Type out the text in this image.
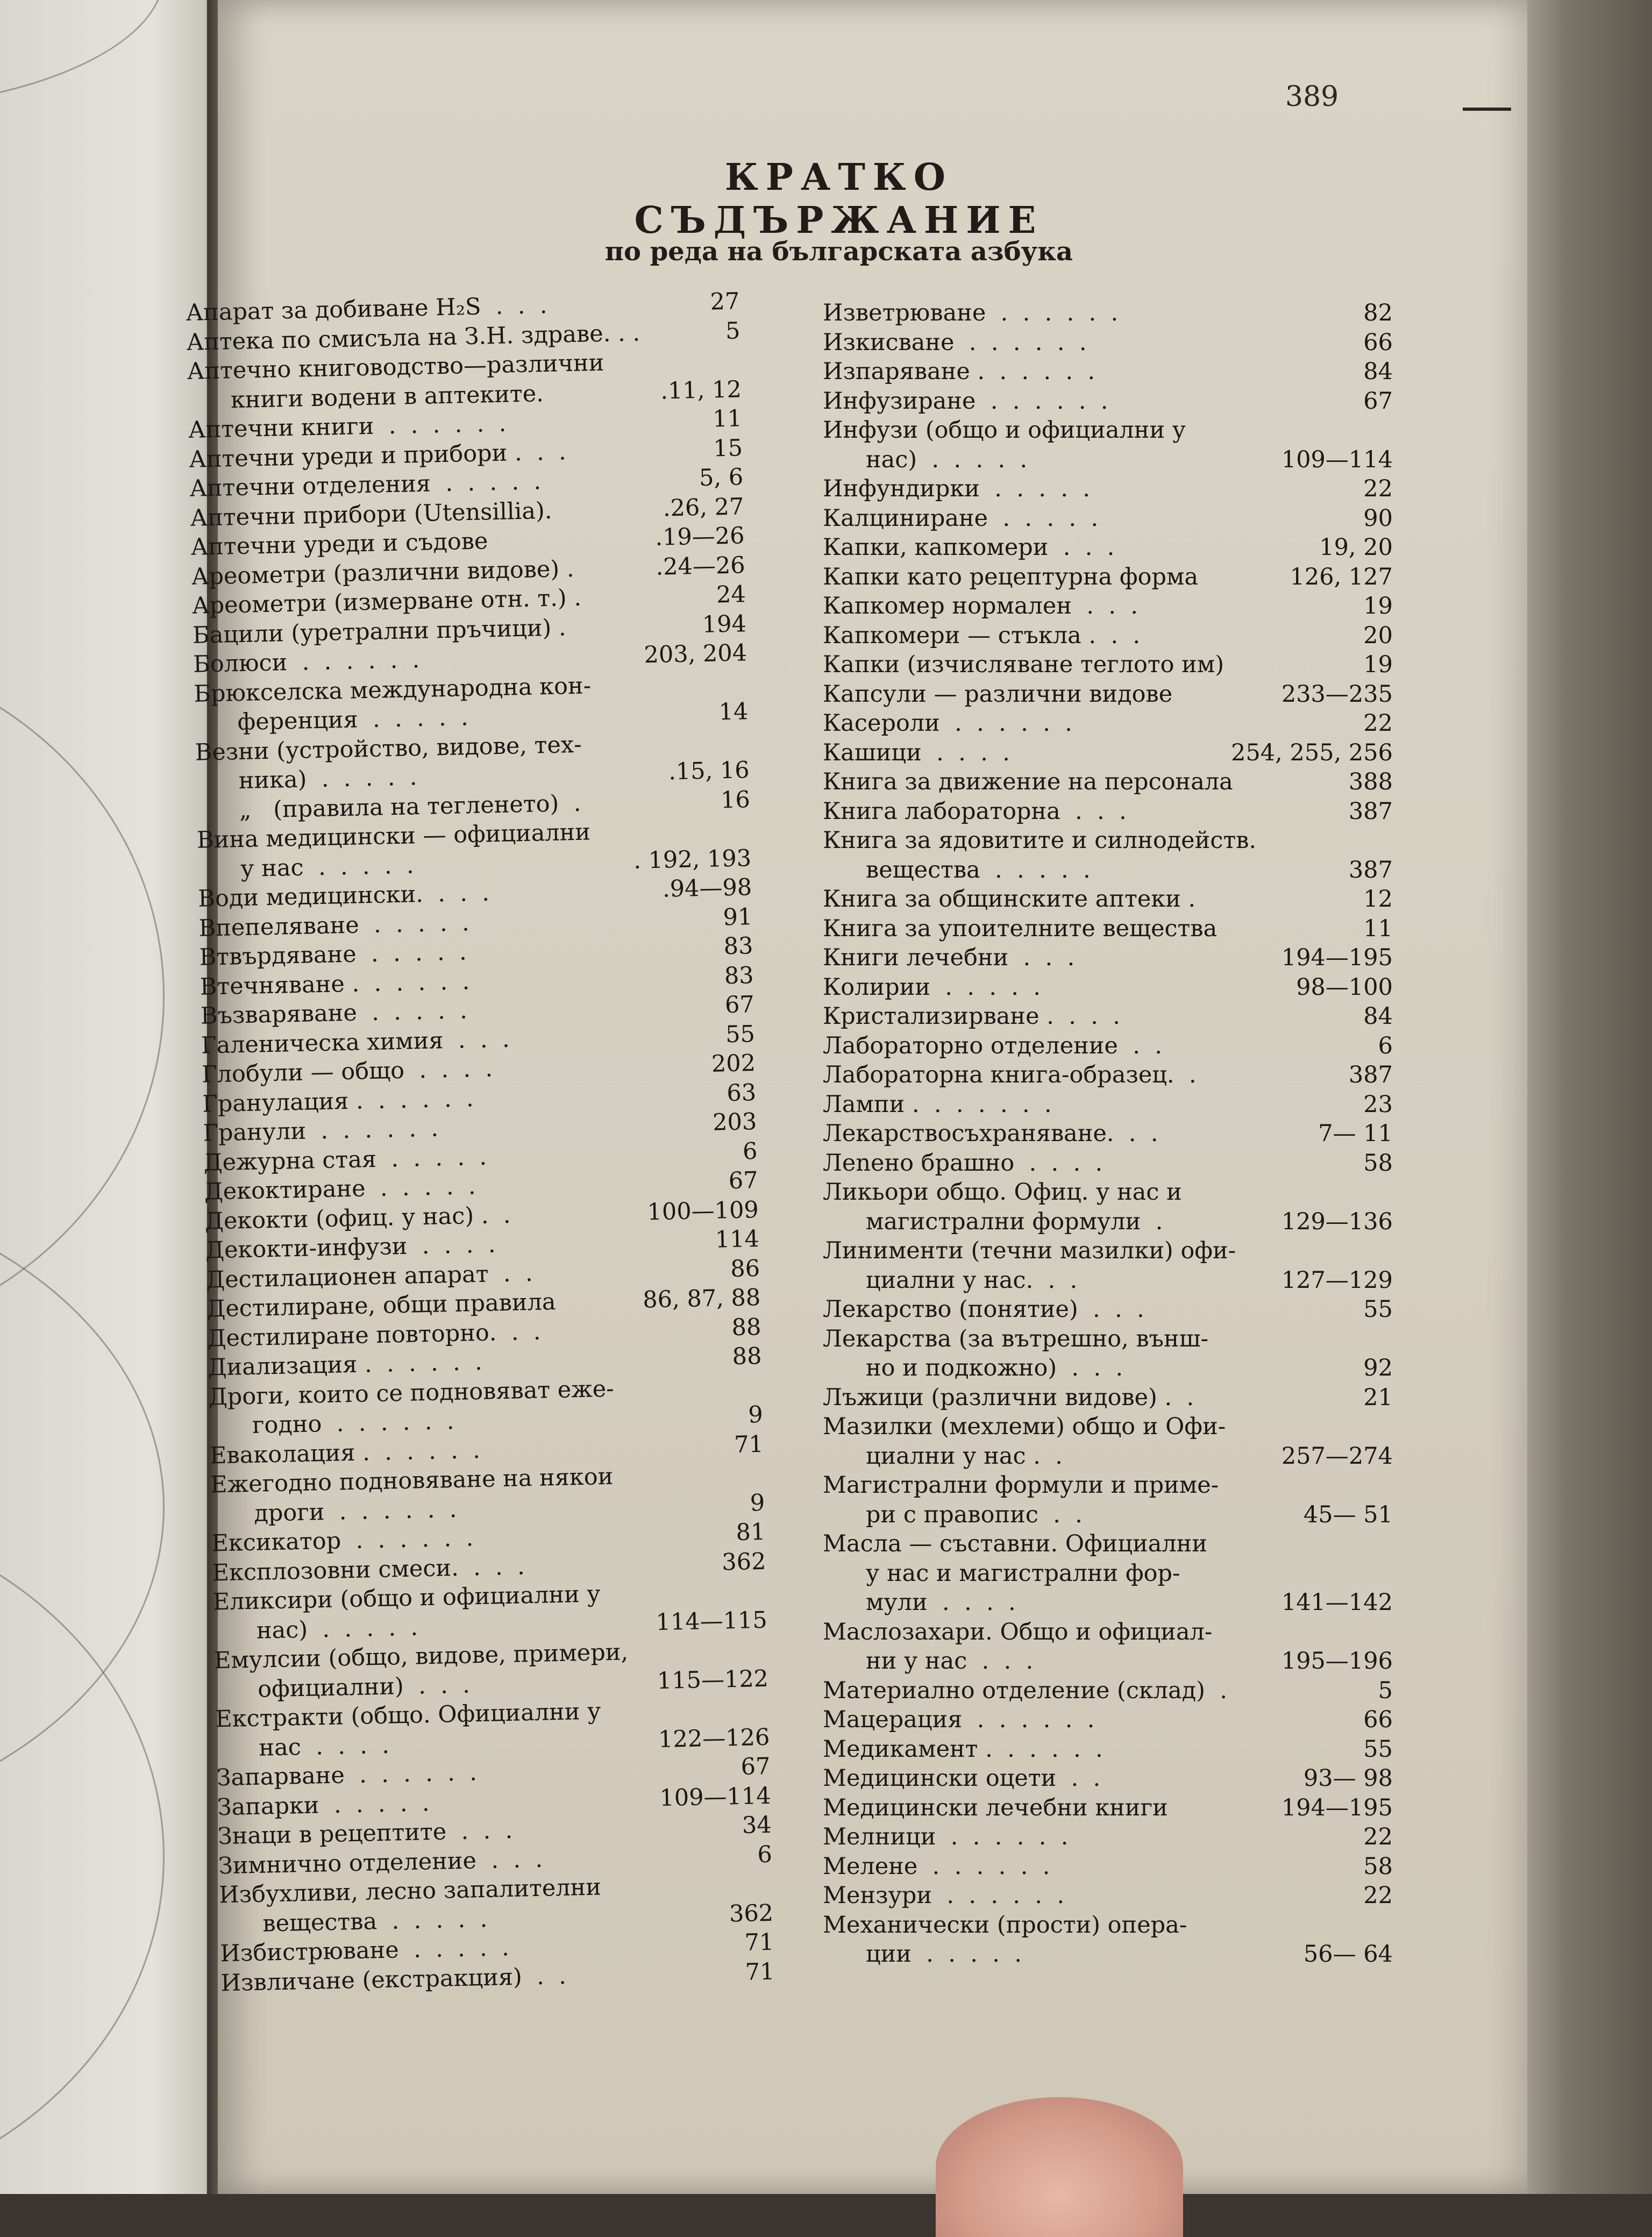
389
КРАТКО СЪДЪРЖАНИЕ
по реда на българската азбука
Апарат за добиване H₂S  .  .  .	27
Аптека по смисъла на З.Н. здраве. . .	5
Аптечно книговодство—различни
книги водени в аптеките.	.11, 12
Аптечни книги  .  .  .  .  .  .	11
Аптечни уреди и прибори .  .  .	15
Аптечни отделения  .  .  .  .  .	5, 6
Аптечни прибори (Utensillia).	.26, 27
Аптечни уреди и съдове	.19—26
Ареометри (различни видове) .	.24—26
Ареометри (измерване отн. т.) .	24
Бацили (уретрални пръчици) .	194
Болюси  .  .  .  .  .  .	203, 204
Брюкселска международна кон-
ференция  .  .  .  .  .	14
Везни (устройство, видове, тех-
ника)  .  .  .  .  .	.15, 16
„   (правила на тегленето)  .	16
Вина медицински — официални
у нас  .  .  .  .  .	. 192, 193
Води медицински.  .  .  .	.94—98
Впепеляване  .  .  .  .  .	91
Втвърдяване  .  .  .  .  .	83
Втечняване .  .  .  .  .  .	83
Възваряване  .  .  .  .  .	67
Галеническа химия  .  .  .	55
Глобули — общо  .  .  .  .	202
Гранулация .  .  .  .  .  .	63
Гранули  .  .  .  .  .  .	203
Дежурна стая  .  .  .  .  .	6
Декоктиране  .  .  .  .  .	67
Декокти (офиц. у нас) .  .	100—109
Декокти-инфузи  .  .  .  .	114
Дестилационен апарат  .  .	86
Дестилиране, общи правила	86, 87, 88
Дестилиране повторно.  .  .	88
Диализация .  .  .  .  .  .	88
Дроги, които се подновяват еже-
годно  .  .  .  .  .  .	9
Еваколация .  .  .  .  .  .	71
Ежегодно подновяване на някои
дроги  .  .  .  .  .  .	9
Ексикатор  .  .  .  .  .  .	81
Експлозовни смеси.  .  .  .	362
Еликсири (общо и официални у
нас)  .  .  .  .  .	114—115
Емулсии (общо, видове, примери,
официални)  .  .  .	115—122
Екстракти (общо. Официални у
нас  .  .  .  .	122—126
Запарване  .  .  .  .  .  .	67
Запарки  .  .  .  .  .	109—114
Знаци в рецептите  .  .  .	34
Зимнично отделение  .  .  .	6
Избухливи, лесно запалителни
вещества  .  .  .  .  .	362
Избистрюване  .  .  .  .  .	71
Извличане (екстракция)  .  .	71
Изветрюване  .  .  .  .  .  .	82
Изкисване  .  .  .  .  .  .	66
Изпаряване .  .  .  .  .  .	84
Инфузиране  .  .  .  .  .  .	67
Инфузи (общо и официални у
нас)  .  .  .  .  .	109—114
Инфундирки  .  .  .  .  .	22
Калциниране  .  .  .  .  .	90
Капки, капкомери  .  .  .	19, 20
Капки като рецептурна форма	126, 127
Капкомер нормален  .  .  .	19
Капкомери — стъкла .  .  .	20
Капки (изчисляване теглото им)	19
Капсули — различни видове	233—235
Касероли  .  .  .  .  .  .	22
Кашици  .  .  .  .	254, 255, 256
Книга за движение на персонала	388
Книга лабораторна  .  .  .	387
Книга за ядовитите и силнодейств.
вещества  .  .  .  .  .	387
Книга за общинските аптеки .	12
Книга за упоителните вещества	11
Книги лечебни  .  .  .	194—195
Колирии  .  .  .  .  .	98—100
Кристализирване .  .  .  .	84
Лабораторно отделение  .  .	6
Лабораторна книга-образец.  .	387
Лампи .  .  .  .  .  .  .	23
Лекарствосъхраняване.  .  .	7— 11
Лenено брашно  .  .  .  .	58
Ликьори общо. Офиц. у нас и
магистрални формули  .	129—136
Линименти (течни мазилки) офи-
циални у нас.  .  .	127—129
Лекарство (понятие)  .  .  .	55
Лекарства (за вътрешно, външ-
но и подкожно)  .  .  .	92
Лъжици (различни видове) .  .	21
Мазилки (мехлеми) общо и Офи-
циални у нас .  .	257—274
Магистрални формули и приме-
ри с правопис  .  .	45— 51
Масла — съставни. Официални
у нас и магистрални фор-
мули  .  .  .  .	141—142
Маслозахари. Общо и официал-
ни у нас  .  .  .	195—196
Материално отделение (склад)  .	5
Мацерация  .  .  .  .  .  .	66
Медикамент .  .  .  .  .  .	55
Медицински оцети  .  .	93— 98
Медицински лечебни книги	194—195
Мелници  .  .  .  .  .  .	22
Мелене  .  .  .  .  .  .	58
Мензури  .  .  .  .  .  .	22
Механически (прости) опера-
ции  .  .  .  .  .	56— 64
